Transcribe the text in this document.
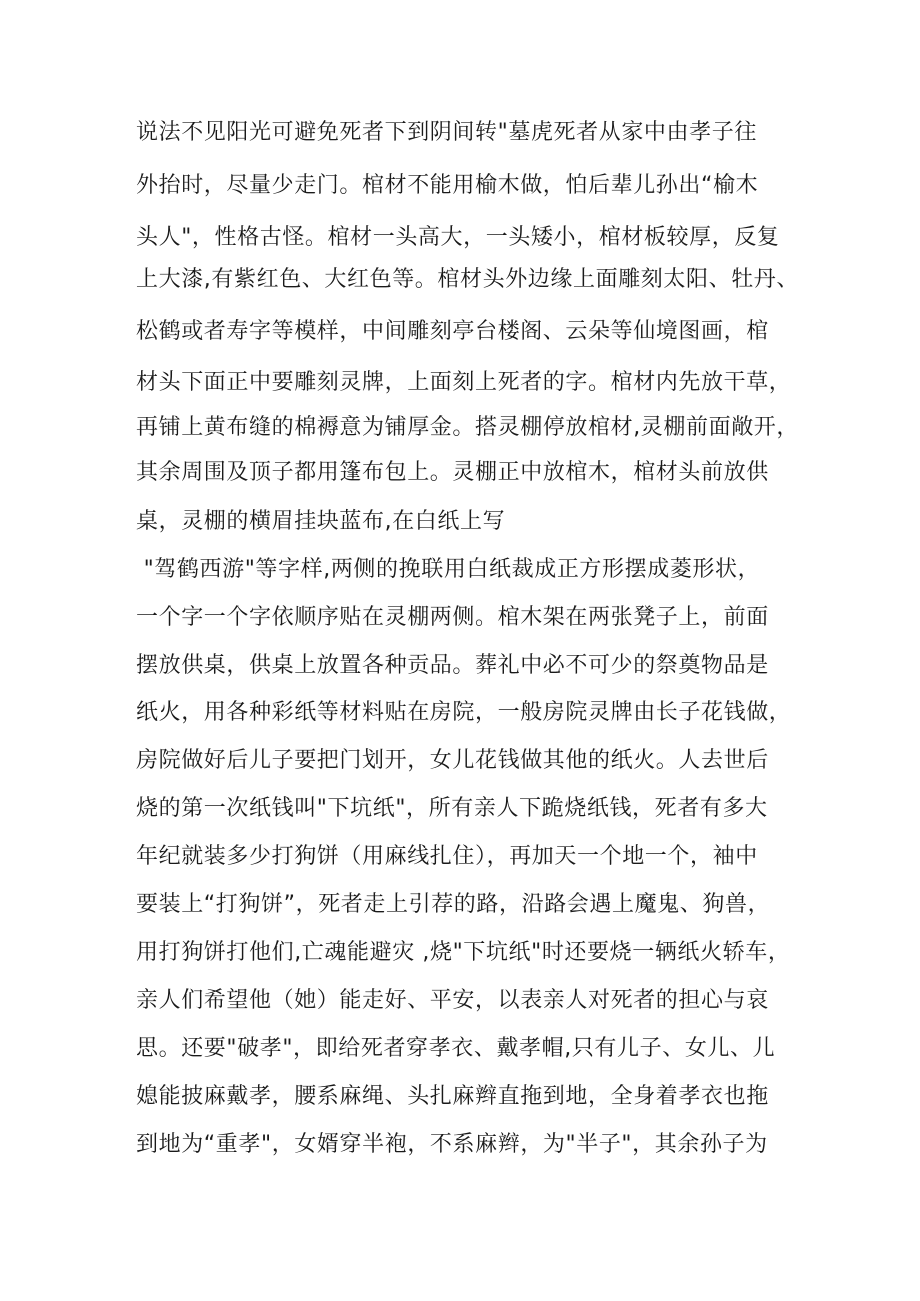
说法不见阳光可避免死者下到阴间转"墓虎死者从家中由孝子往
外抬时，尽量少走门。棺材不能用榆木做，怕后辈儿孙出“榆木
头人"，性格古怪。棺材一头高大，一头矮小，棺材板较厚，反复
上大漆,有紫红色、大红色等。棺材头外边缘上面雕刻太阳、牡丹、
松鹤或者寿字等模样，中间雕刻亭台楼阁、云朵等仙境图画，棺
材头下面正中要雕刻灵牌，上面刻上死者的字。棺材内先放干草，
再铺上黄布缝的棉褥意为铺厚金。搭灵棚停放棺材,灵棚前面敞开，
其余周围及顶子都用篷布包上。灵棚正中放棺木，棺材头前放供
桌，灵棚的横眉挂块蓝布,在白纸上写
"驾鹤西游"等字样,两侧的挽联用白纸裁成正方形摆成菱形状，
一个字一个字依顺序贴在灵棚两侧。棺木架在两张凳子上，前面
摆放供桌，供桌上放置各种贡品。葬礼中必不可少的祭奠物品是
纸火，用各种彩纸等材料贴在房院，一般房院灵牌由长子花钱做，
房院做好后儿子要把门划开，女儿花钱做其他的纸火。人去世后
烧的第一次纸钱叫"下坑纸"，所有亲人下跪烧纸钱，死者有多大
年纪就装多少打狗饼（用麻线扎住），再加天一个地一个，袖中
要装上“打狗饼”，死者走上引荐的路，沿路会遇上魔鬼、狗兽，
用打狗饼打他们,亡魂能避灾 ,烧"下坑纸"时还要烧一辆纸火轿车，
亲人们希望他（她）能走好、平安，以表亲人对死者的担心与哀
思。还要"破孝"，即给死者穿孝衣、戴孝帽,只有儿子、女儿、儿
媳能披麻戴孝，腰系麻绳、头扎麻辫直拖到地，全身着孝衣也拖
到地为“重孝"，女婿穿半袍，不系麻辫，为"半子"，其余孙子为
